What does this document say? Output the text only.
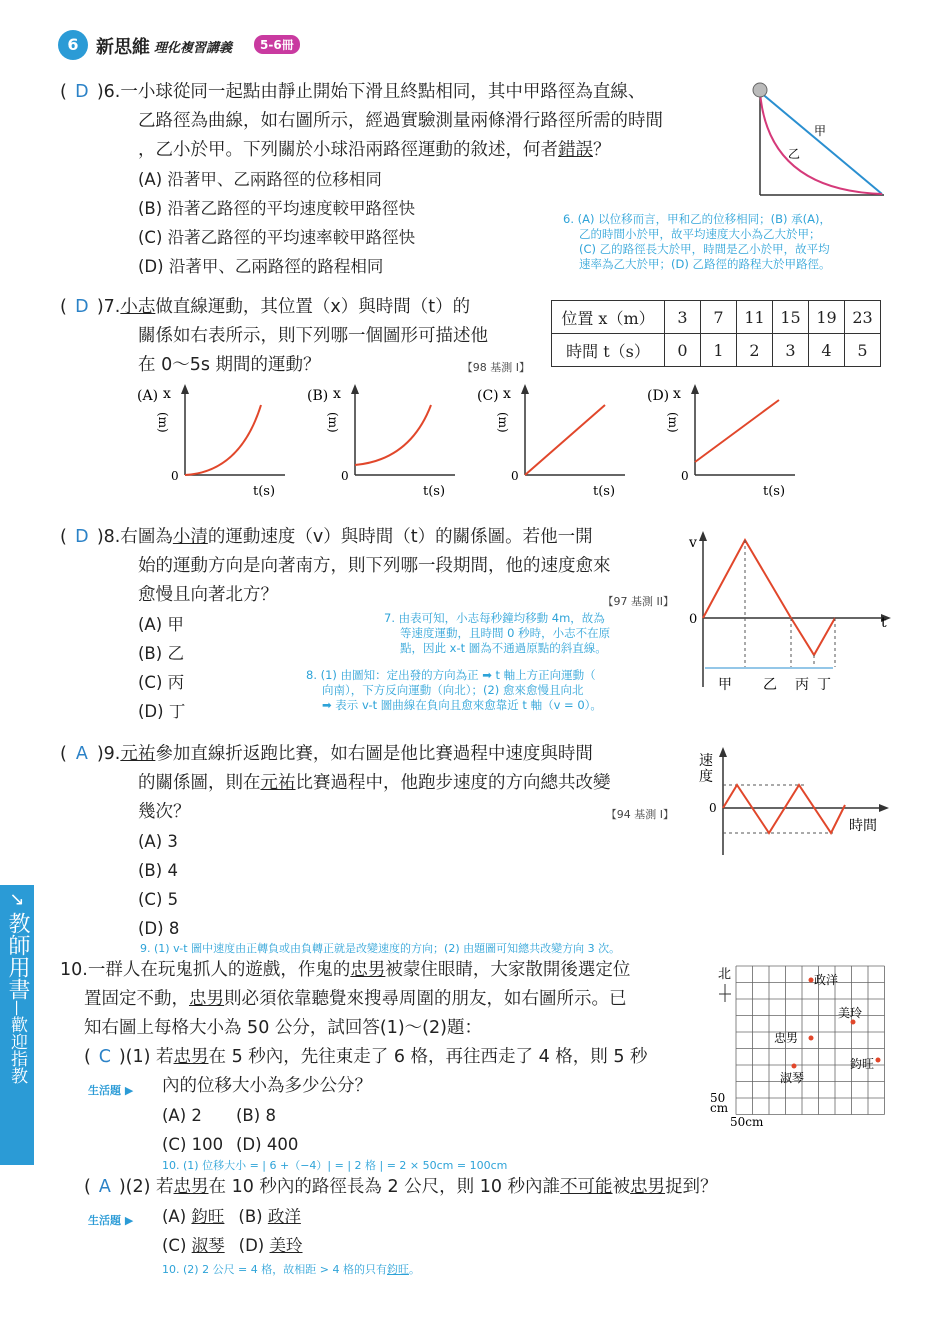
6 新思維 理化複習講義	5-6冊
↘
教師用書
—
歡迎指教
( D )6.一小球從同一起點由靜止開始下滑且終點相同，其中甲路徑為直線、
乙路徑為曲線，如右圖所示，經過實驗測量兩條滑行路徑所需的時間
，乙小於甲。下列關於小球沿兩路徑運動的敘述，何者錯誤？
(A) 沿著甲、乙兩路徑的位移相同
(B) 沿著乙路徑的平均速度較甲路徑快
(C) 沿著乙路徑的平均速率較甲路徑快
(D) 沿著甲、乙兩路徑的路程相同
甲
乙
6. (A) 以位移而言，甲和乙的位移相同；(B) 承(A)，
乙的時間小於甲，故平均速度大小為乙大於甲；
(C) 乙的路徑長大於甲，時間是乙小於甲，故平均
速率為乙大於甲；(D) 乙路徑的路程大於甲路徑。
( D )7.小志做直線運動，其位置（x）與時間（t）的
關係如右表所示，則下列哪一個圖形可描述他
在 0～5s 期間的運動？	【98 基測 I】
位置 x（m）	3	7	11	15	19	23
時間 t（s）	0	1	2	3	4	5
(A) x
(m)
0
t(s)
(B) x
(m)
0
t(s)
(C) x
(m)
0
t(s)
(D) x
(m)
0
t(s)
( D )8.右圖為小清的運動速度（v）與時間（t）的關係圖。若他一開
始的運動方向是向著南方，則下列哪一段期間，他的速度愈來
愈慢且向著北方？	【97 基測 II】
(A) 甲
(B) 乙
(C) 丙
(D) 丁
7. 由表可知，小志每秒鐘均移動 4m，故為
等速度運動，且時間 0 秒時，小志不在原
點，因此 x-t 圖為不通過原點的斜直線。
8. (1) 由圖知：定出發的方向為正 ➡ t 軸上方正向運動（
向南），下方反向運動（向北）；(2) 愈來愈慢且向北
➡ 表示 v-t 圖曲線在負向且愈來愈靠近 t 軸（v = 0）。
v
t
0
甲 乙 丙 丁
( A )9.元祐參加直線折返跑比賽，如右圖是他比賽過程中速度與時間
的關係圖，則在元祐比賽過程中，他跑步速度的方向總共改變
幾次？	【94 基測 I】
(A) 3
(B) 4
(C) 5
(D) 8
速
度
0
時間
9. (1) v-t 圖中速度由正轉負或由負轉正就是改變速度的方向；(2) 由題圖可知總共改變方向 3 次。
10.一群人在玩鬼抓人的遊戲，作鬼的忠男被蒙住眼睛，大家散開後選定位
置固定不動，忠男則必須依靠聽覺來搜尋周圍的朋友，如右圖所示。已
知右圖上每格大小為 50 公分，試回答(1)～(2)題：
( C )(1) 若忠男在 5 秒內，先往東走了 6 格，再往西走了 4 格，則 5 秒
生活題 ▶ 內的位移大小為多少公分？
(A) 2 (B) 8
(C) 100 (D) 400
10. (1) 位移大小 = | 6 +（−4）| = | 2 格 | = 2 × 50cm = 100cm
( A )(2) 若忠男在 10 秒內的路徑長為 2 公尺，則 10 秒內誰不可能被忠男捉到？
生活題 ▶ (A) 鈞旺 (B) 政洋
(C) 淑琴 (D) 美玲
10. (2) 2 公尺 = 4 格，故相距 > 4 格的只有鈞旺。
北	政洋
美玲
忠男
鈞旺
淑琴
50
cm
50cm
